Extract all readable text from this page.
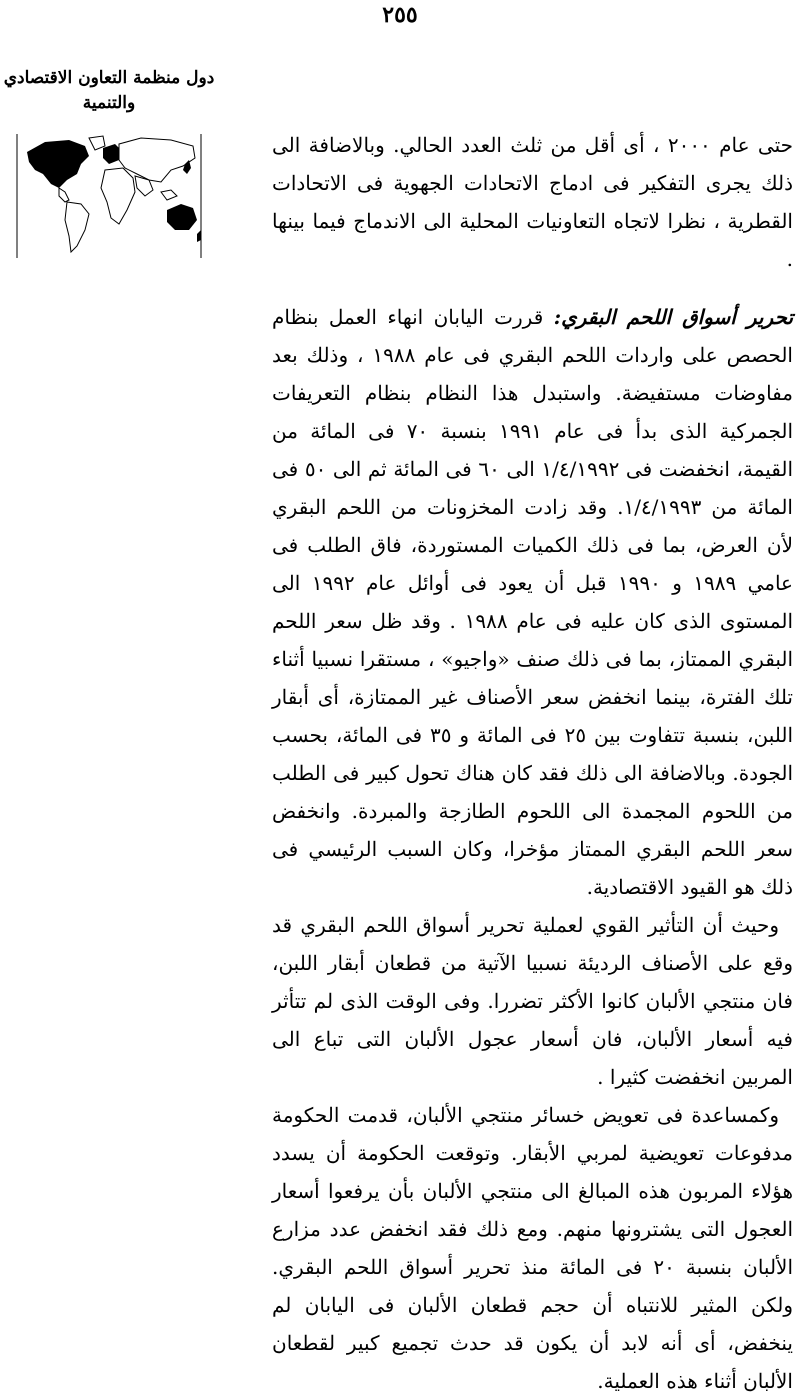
٢٥٥
دول منظمة التعاون الاقتصادي
والتنمية

حتى عام ٢٠٠٠ ، أى أقل من ثلث العدد الحالي. وبالاضافة الى ذلك يجرى التفكير فى ادماج الاتحادات الجهوية فى الاتحادات القطرية ، نظرا لاتجاه التعاونيات المحلية الى الاندماج فيما بينها .

تحرير أسواق اللحم البقري: قررت اليابان انهاء العمل بنظام الحصص على واردات اللحم البقري فى عام ١٩٨٨ ، وذلك بعد مفاوضات مستفيضة. واستبدل هذا النظام بنظام التعريفات الجمركية الذى بدأ فى عام ١٩٩١ بنسبة ٧٠ فى المائة من القيمة، انخفضت فى ١/٤/١٩٩٢ الى ٦٠ فى المائة ثم الى ٥٠ فى المائة من ١/٤/١٩٩٣. وقد زادت المخزونات من اللحم البقري لأن العرض، بما فى ذلك الكميات المستوردة، فاق الطلب فى عامي ١٩٨٩ و ١٩٩٠ قبل أن يعود فى أوائل عام ١٩٩٢ الى المستوى الذى كان عليه فى عام ١٩٨٨ . وقد ظل سعر اللحم البقري الممتاز، بما فى ذلك صنف «واجيو» ، مستقرا نسبيا أثناء تلك الفترة، بينما انخفض سعر الأصناف غير الممتازة، أى أبقار اللبن، بنسبة تتفاوت بين ٢٥ فى المائة و ٣٥ فى المائة، بحسب الجودة. وبالاضافة الى ذلك فقد كان هناك تحول كبير فى الطلب من اللحوم المجمدة الى اللحوم الطازجة والمبردة. وانخفض سعر اللحم البقري الممتاز مؤخرا، وكان السبب الرئيسي فى ذلك هو القيود الاقتصادية.

وحيث أن التأثير القوي لعملية تحرير أسواق اللحم البقري قد وقع على الأصناف الرديئة نسبيا الآتية من قطعان أبقار اللبن، فان منتجي الألبان كانوا الأكثر تضررا. وفى الوقت الذى لم تتأثر فيه أسعار الألبان، فان أسعار عجول الألبان التى تباع الى المربين انخفضت كثيرا .

وكمساعدة فى تعويض خسائر منتجي الألبان، قدمت الحكومة مدفوعات تعويضية لمربي الأبقار. وتوقعت الحكومة أن يسدد هؤلاء المربون هذه المبالغ الى منتجي الألبان بأن يرفعوا أسعار العجول التى يشترونها منهم. ومع ذلك فقد انخفض عدد مزارع الألبان بنسبة ٢٠ فى المائة منذ تحرير أسواق اللحم البقري. ولكن المثير للانتباه أن حجم قطعان الألبان فى اليابان لم ينخفض، أى أنه لابد أن يكون قد حدث تجميع كبير لقطعان الألبان أثناء هذه العملية.
